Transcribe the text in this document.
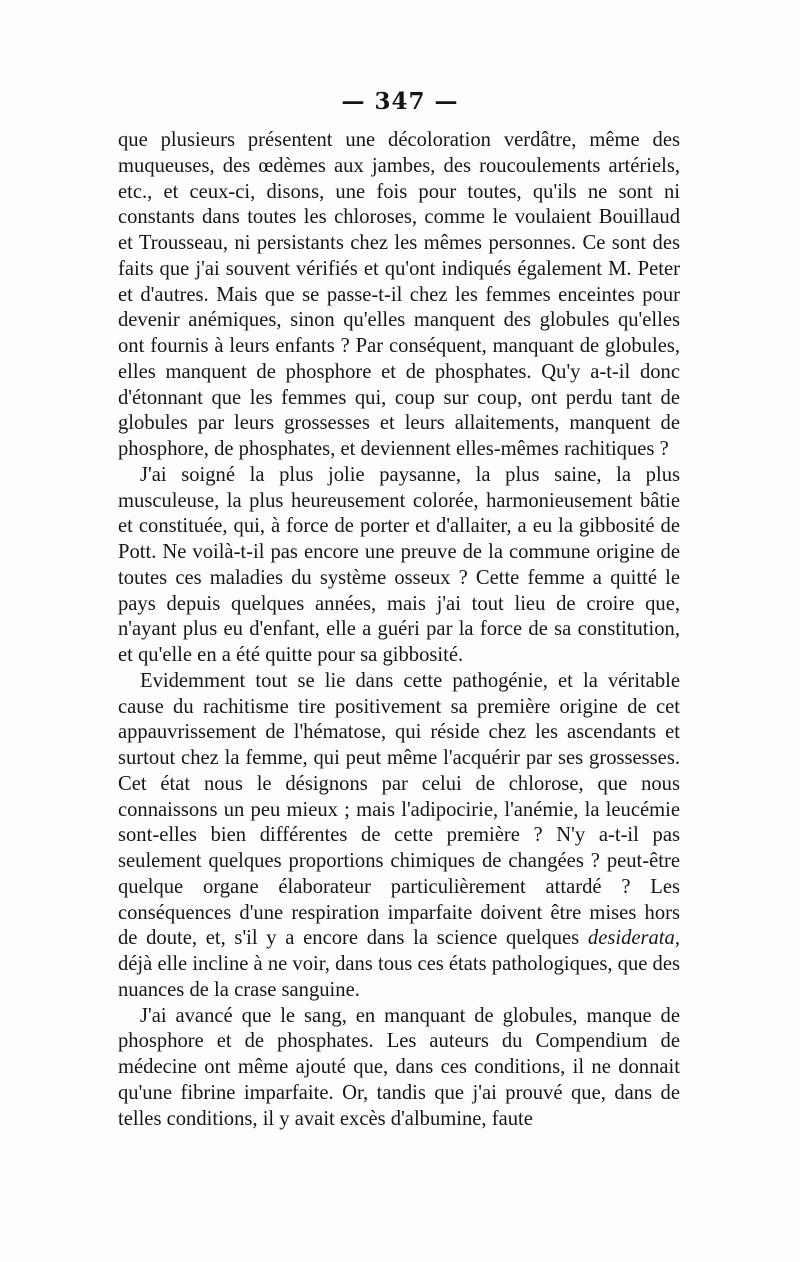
— 347 —

que plusieurs présentent une décoloration verdâtre, même des muqueuses, des œdèmes aux jambes, des roucoulements artériels, etc., et ceux-ci, disons, une fois pour toutes, qu'ils ne sont ni constants dans toutes les chloroses, comme le voulaient Bouillaud et Trousseau, ni persistants chez les mêmes personnes. Ce sont des faits que j'ai souvent vérifiés et qu'ont indiqués également M. Peter et d'autres. Mais que se passe-t-il chez les femmes enceintes pour devenir anémiques, sinon qu'elles manquent des globules qu'elles ont fournis à leurs enfants ? Par conséquent, manquant de globules, elles manquent de phosphore et de phosphates. Qu'y a-t-il donc d'étonnant que les femmes qui, coup sur coup, ont perdu tant de globules par leurs grossesses et leurs allaitements, manquent de phosphore, de phosphates, et deviennent elles-mêmes rachitiques ?

J'ai soigné la plus jolie paysanne, la plus saine, la plus musculeuse, la plus heureusement colorée, harmonieusement bâtie et constituée, qui, à force de porter et d'allaiter, a eu la gibbosité de Pott. Ne voilà-t-il pas encore une preuve de la commune origine de toutes ces maladies du système osseux ? Cette femme a quitté le pays depuis quelques années, mais j'ai tout lieu de croire que, n'ayant plus eu d'enfant, elle a guéri par la force de sa constitution, et qu'elle en a été quitte pour sa gibbosité.

Evidemment tout se lie dans cette pathogénie, et la véritable cause du rachitisme tire positivement sa première origine de cet appauvrissement de l'hématose, qui réside chez les ascendants et surtout chez la femme, qui peut même l'acquérir par ses grossesses. Cet état nous le désignons par celui de chlorose, que nous connaissons un peu mieux ; mais l'adipocirie, l'anémie, la leucémie sont-elles bien différentes de cette première ? N'y a-t-il pas seulement quelques proportions chimiques de changées ? peut-être quelque organe élaborateur particulièrement attardé ? Les conséquences d'une respiration imparfaite doivent être mises hors de doute, et, s'il y a encore dans la science quelques desiderata, déjà elle incline à ne voir, dans tous ces états pathologiques, que des nuances de la crase sanguine.

J'ai avancé que le sang, en manquant de globules, manque de phosphore et de phosphates. Les auteurs du Compendium de médecine ont même ajouté que, dans ces conditions, il ne donnait qu'une fibrine imparfaite. Or, tandis que j'ai prouvé que, dans de telles conditions, il y avait excès d'albumine, faute
